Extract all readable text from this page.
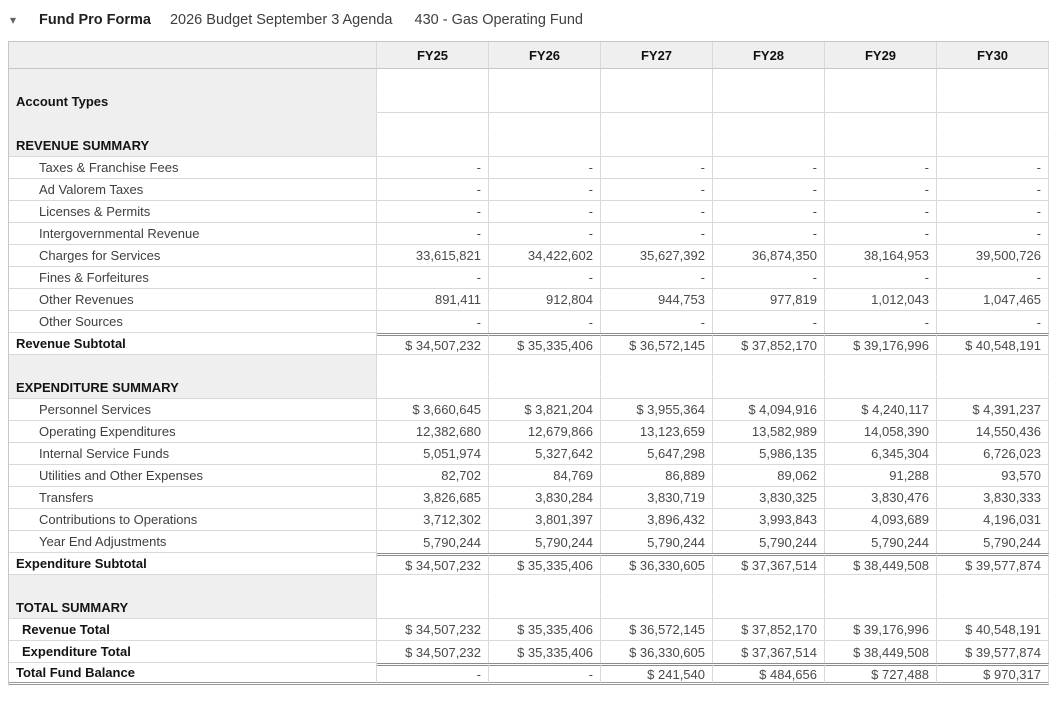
▾	Fund Pro Forma 2026 Budget September 3 Agenda 430 - Gas Operating Fund
	FY25	FY26	FY27	FY28	FY29	FY30

Account Types						

REVENUE SUMMARY						
Taxes & Franchise Fees	-	-	-	-	-	-
Ad Valorem Taxes	-	-	-	-	-	-
Licenses & Permits	-	-	-	-	-	-
Intergovernmental Revenue	-	-	-	-	-	-
Charges for Services	33,615,821	34,422,602	35,627,392	36,874,350	38,164,953	39,500,726
Fines & Forfeitures	-	-	-	-	-	-
Other Revenues	891,411	912,804	944,753	977,819	1,012,043	1,047,465
Other Sources	-	-	-	-	-	-
Revenue Subtotal	$ 34,507,232	$ 35,335,406	$ 36,572,145	$ 37,852,170	$ 39,176,996	$ 40,548,191

EXPENDITURE SUMMARY						
Personnel Services	$ 3,660,645	$ 3,821,204	$ 3,955,364	$ 4,094,916	$ 4,240,117	$ 4,391,237
Operating Expenditures	12,382,680	12,679,866	13,123,659	13,582,989	14,058,390	14,550,436
Internal Service Funds	5,051,974	5,327,642	5,647,298	5,986,135	6,345,304	6,726,023
Utilities and Other Expenses	82,702	84,769	86,889	89,062	91,288	93,570
Transfers	3,826,685	3,830,284	3,830,719	3,830,325	3,830,476	3,830,333
Contributions to Operations	3,712,302	3,801,397	3,896,432	3,993,843	4,093,689	4,196,031
Year End Adjustments	5,790,244	5,790,244	5,790,244	5,790,244	5,790,244	5,790,244
Expenditure Subtotal	$ 34,507,232	$ 35,335,406	$ 36,330,605	$ 37,367,514	$ 38,449,508	$ 39,577,874

TOTAL SUMMARY						
Revenue Total	$ 34,507,232	$ 35,335,406	$ 36,572,145	$ 37,852,170	$ 39,176,996	$ 40,548,191
Expenditure Total	$ 34,507,232	$ 35,335,406	$ 36,330,605	$ 37,367,514	$ 38,449,508	$ 39,577,874
Total Fund Balance	-	-	$ 241,540	$ 484,656	$ 727,488	$ 970,317
